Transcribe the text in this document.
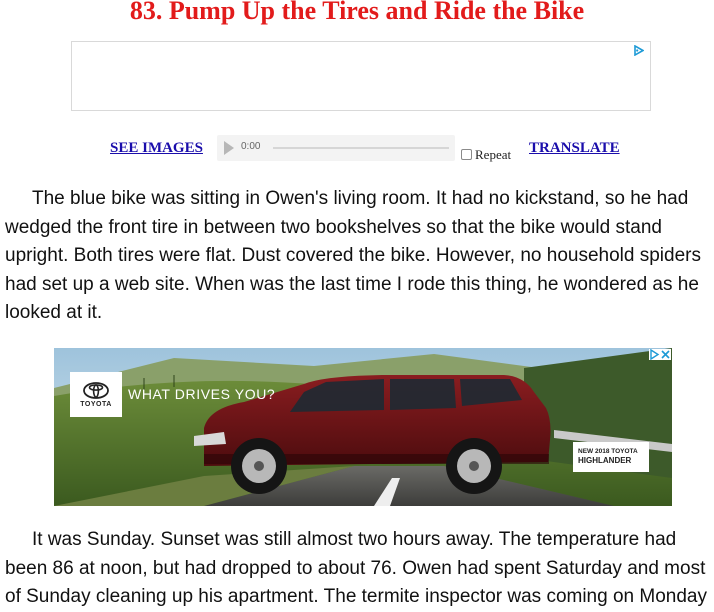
83. Pump Up the Tires and Ride the Bike
SEE IMAGES	0:00
Repeat TRANSLATE

The blue bike was sitting in Owen's living room. It had no kickstand, so he had wedged the front tire in between two bookshelves so that the bike would stand upright. Both tires were flat. Dust covered the bike. However, no household spiders had set up a web site. When was the last time I rode this thing, he wondered as he looked at it.

TOYOTA
WHAT DRIVES YOU?
NEW 2018 TOYOTA
HIGHLANDER

It was Sunday. Sunset was still almost two hours away. The temperature had been 86 at noon, but had dropped to about 76. Owen had spent Saturday and most of Sunday cleaning up his apartment. The termite inspector was coming on Monday
